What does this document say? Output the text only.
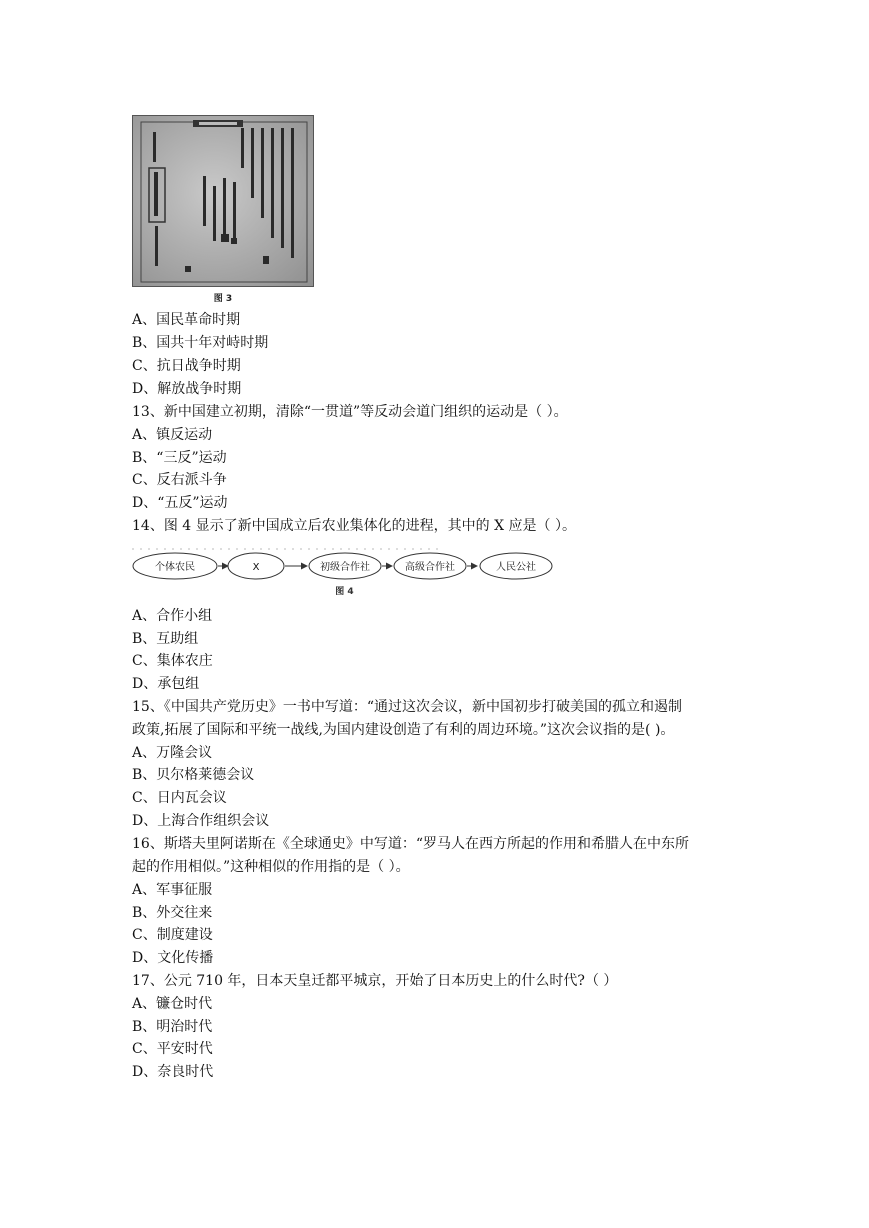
图 3
A、国民革命时期
B、国共十年对峙时期
C、抗日战争时期
D、解放战争时期
13、新中国建立初期，清除“一贯道”等反动会道门组织的运动是（ ）。
A、镇反运动
B、“三反”运动
C、反右派斗争
D、“五反”运动
14、图 4 显示了新中国成立后农业集体化的进程，其中的 X 应是（ ）。
个体农民	X	初级合作社	高级合作社	人民公社
图 4
A、合作小组
B、互助组
C、集体农庄
D、承包组
15、《中国共产党历史》一书中写道：“通过这次会议，新中国初步打破美国的孤立和遏制
政策,拓展了国际和平统一战线,为国内建设创造了有利的周边环境。”这次会议指的是( )。
A、万隆会议
B、贝尔格莱德会议
C、日内瓦会议
D、上海合作组织会议
16、斯塔夫里阿诺斯在《全球通史》中写道：“罗马人在西方所起的作用和希腊人在中东所
起的作用相似。”这种相似的作用指的是（ ）。
A、军事征服
B、外交往来
C、制度建设
D、文化传播
17、公元 710 年，日本天皇迁都平城京，开始了日本历史上的什么时代?（ ）
A、镰仓时代
B、明治时代
C、平安时代
D、奈良时代
